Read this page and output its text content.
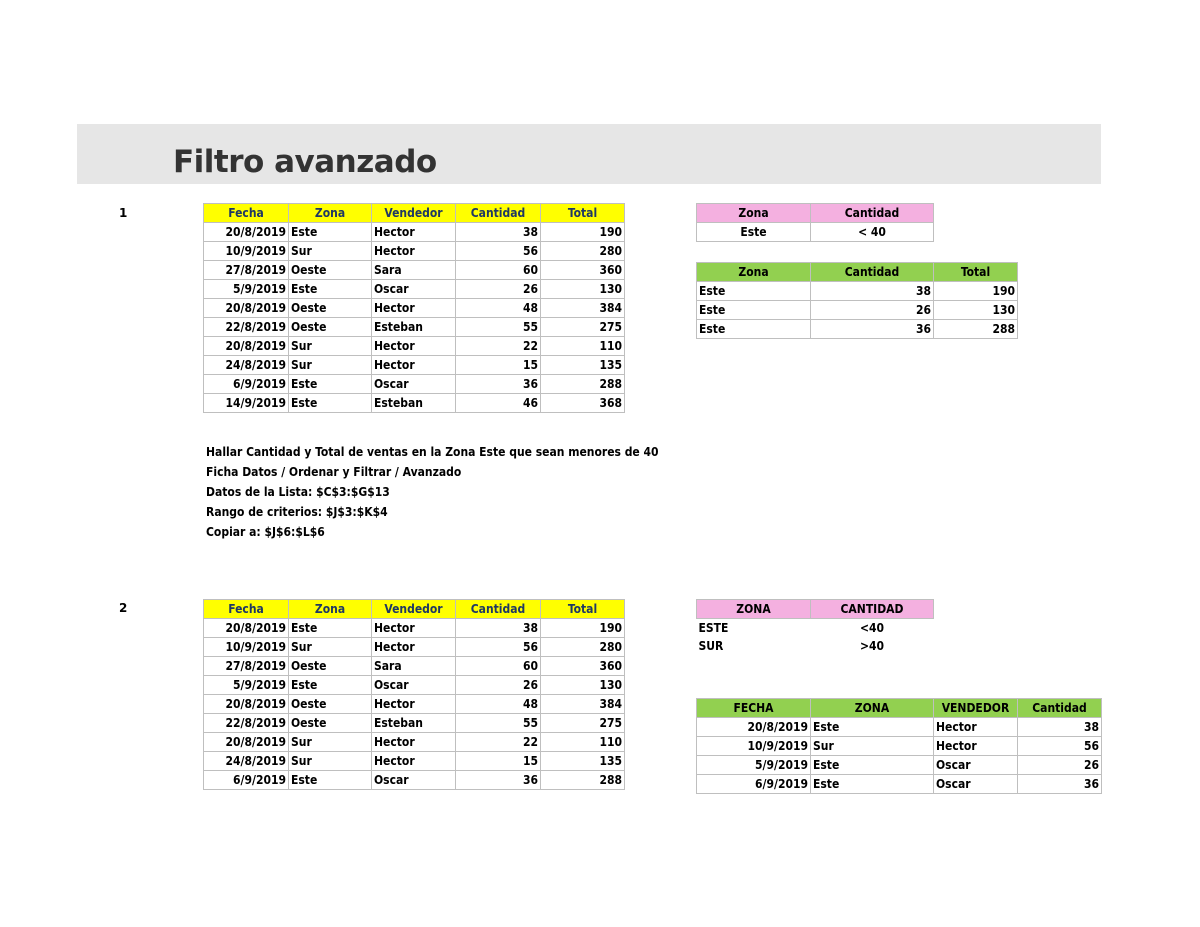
Filtro avanzado
1
2
Fecha	Zona	Vendedor	Cantidad	Total
20/8/2019	Este	Hector	38	190
10/9/2019	Sur	Hector	56	280
27/8/2019	Oeste	Sara	60	360
5/9/2019	Este	Oscar	26	130
20/8/2019	Oeste	Hector	48	384
22/8/2019	Oeste	Esteban	55	275
20/8/2019	Sur	Hector	22	110
24/8/2019	Sur	Hector	15	135
6/9/2019	Este	Oscar	36	288
14/9/2019	Este	Esteban	46	368
Zona	Cantidad
Este	< 40
Zona	Cantidad	Total
Este	38	190
Este	26	130
Este	36	288
Hallar Cantidad y Total de ventas en la Zona Este que sean menores de 40
Ficha Datos / Ordenar y Filtrar / Avanzado
Datos de la Lista: $C$3:$G$13
Rango de criterios: $J$3:$K$4
Copiar a: $J$6:$L$6
Fecha	Zona	Vendedor	Cantidad	Total
20/8/2019	Este	Hector	38	190
10/9/2019	Sur	Hector	56	280
27/8/2019	Oeste	Sara	60	360
5/9/2019	Este	Oscar	26	130
20/8/2019	Oeste	Hector	48	384
22/8/2019	Oeste	Esteban	55	275
20/8/2019	Sur	Hector	22	110
24/8/2019	Sur	Hector	15	135
6/9/2019	Este	Oscar	36	288
ZONA	CANTIDAD
ESTE	<40
SUR	>40
FECHA	ZONA	VENDEDOR	Cantidad
20/8/2019	Este	Hector	38
10/9/2019	Sur	Hector	56
5/9/2019	Este	Oscar	26
6/9/2019	Este	Oscar	36
